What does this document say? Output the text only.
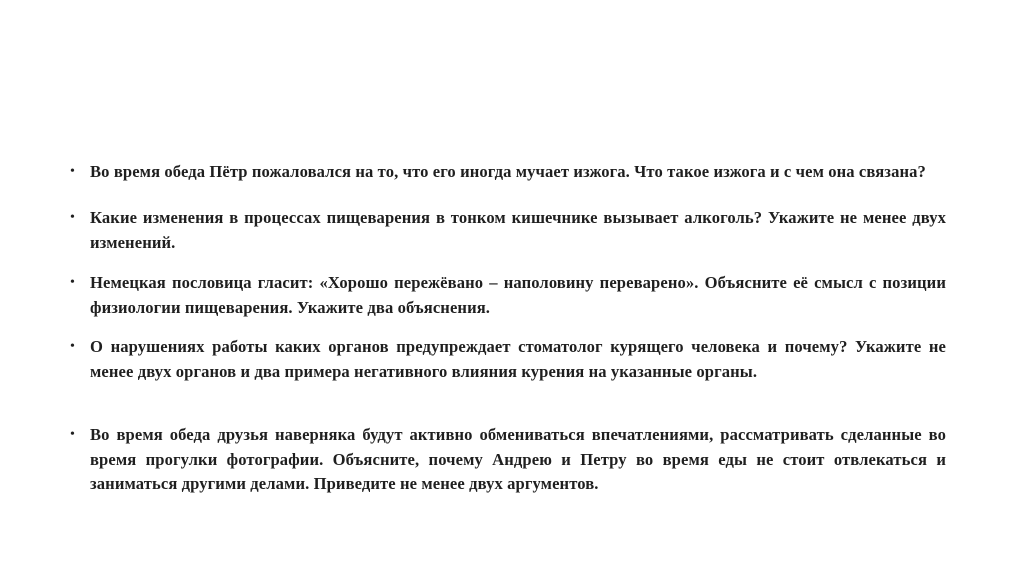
• Во время обеда Пётр пожаловался на то, что его иногда мучает изжога. Что такое изжога и с чем она связана?
• Какие изменения в процессах пищеварения в тонком кишечнике вызывает алкоголь? Укажите не менее двух изменений.
• Немецкая пословица гласит: «Хорошо пережёвано – наполовину переварено». Объясните её смысл с позиции физиологии пищеварения. Укажите два объяснения.
• О нарушениях работы каких органов предупреждает стоматолог курящего человека и почему? Укажите не менее двух органов и два примера негативного влияния курения на указанные органы.
• Во время обеда друзья наверняка будут активно обмениваться впечатлениями, рассматривать сделанные во время прогулки фотографии. Объясните, почему Андрею и Петру во время еды не стоит отвлекаться и заниматься другими делами. Приведите не менее двух аргументов.
